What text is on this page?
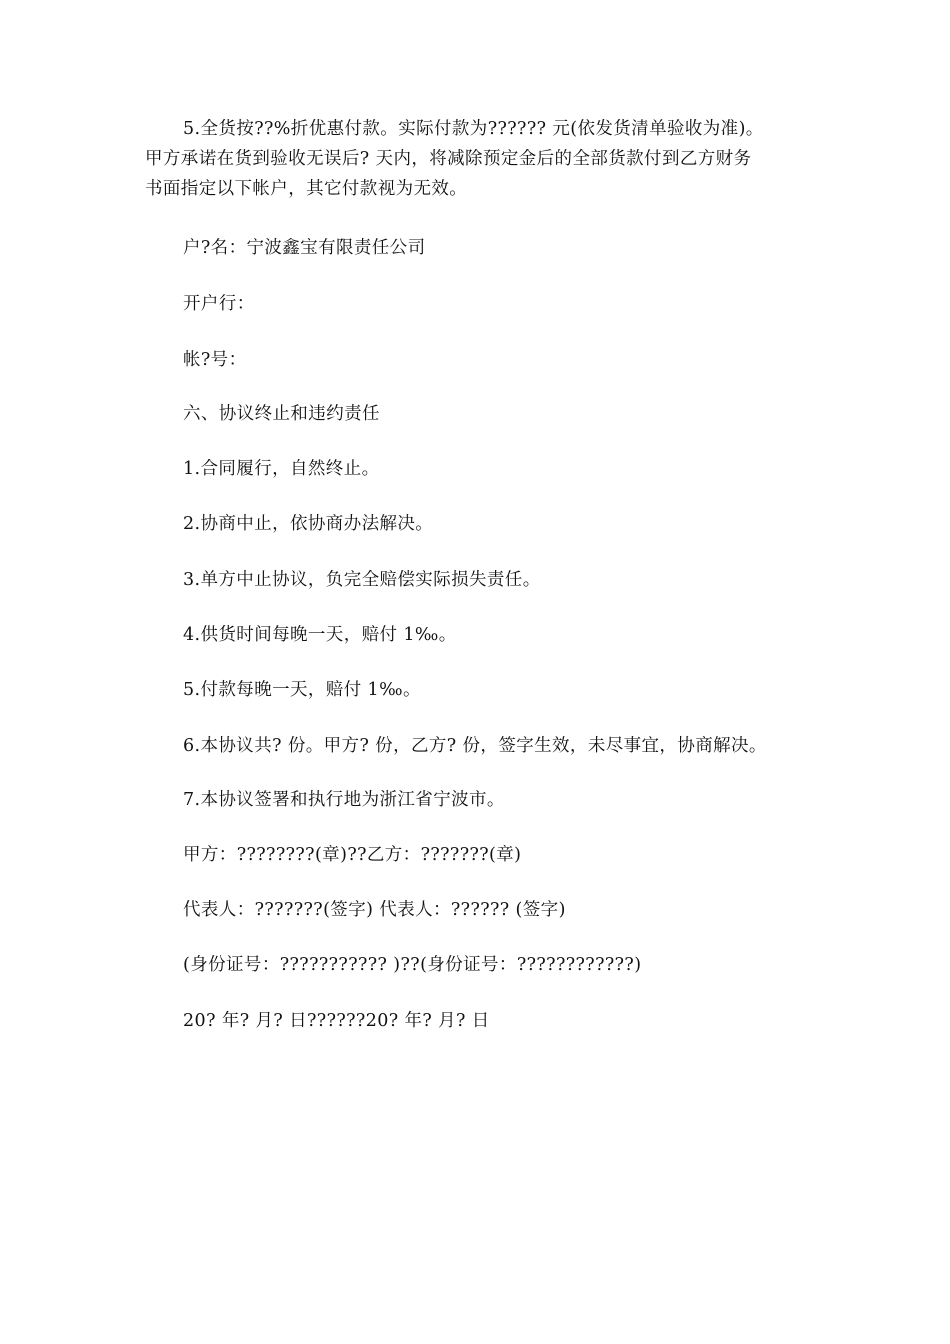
5.全货按??%折优惠付款。实际付款为?????? 元(依发货清单验收为准)。
甲方承诺在货到验收无误后? 天内，将减除预定金后的全部货款付到乙方财务
书面指定以下帐户，其它付款视为无效。
户?名：宁波鑫宝有限责任公司
开户行：
帐?号：
六、协议终止和违约责任
1.合同履行，自然终止。
2.协商中止，依协商办法解决。
3.单方中止协议，负完全赔偿实际损失责任。
4.供货时间每晚一天，赔付 1‰。
5.付款每晚一天，赔付 1‰。
6.本协议共? 份。甲方? 份，乙方? 份，签字生效，未尽事宜，协商解决。
7.本协议签署和执行地为浙江省宁波市。
甲方：????????(章)??乙方：???????(章)
代表人：???????(签字) 代表人：?????? (签字)
(身份证号：??????????? )??(身份证号：????????????)
20? 年? 月? 日??????20? 年? 月? 日
